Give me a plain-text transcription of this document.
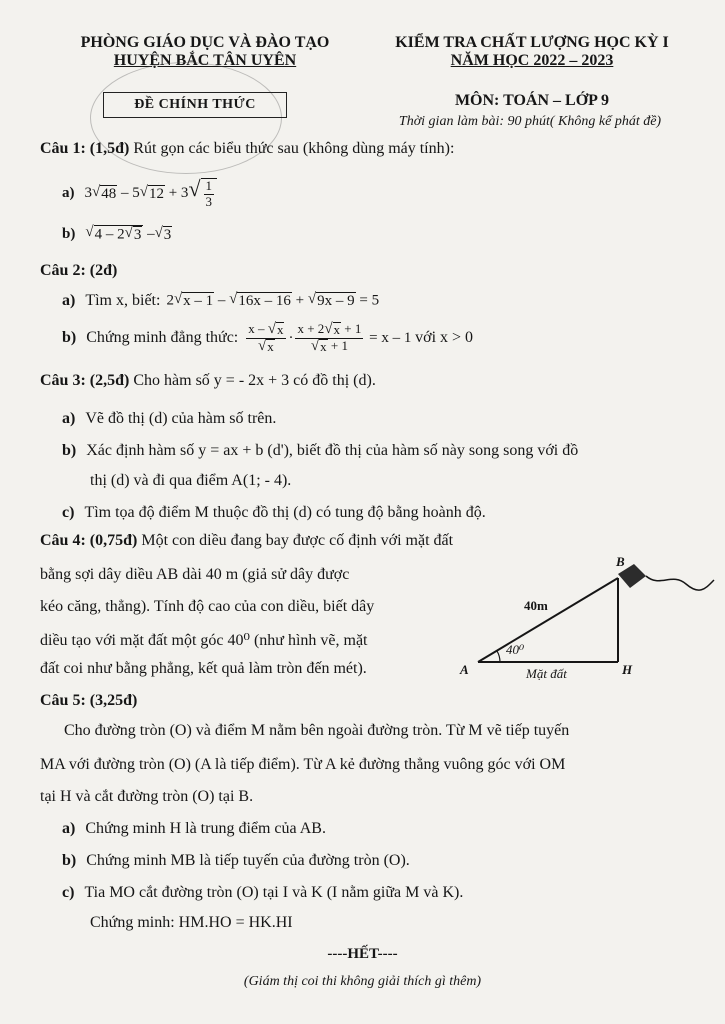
PHÒNG GIÁO DỤC VÀ ĐÀO TẠO
HUYỆN BẮC TÂN UYÊN
ĐỀ CHÍNH THỨC
KIỂM TRA CHẤT LƯỢNG HỌC KỲ I
NĂM HỌC 2022 – 2023
MÔN: TOÁN – LỚP 9
Thời gian làm bài: 90 phút( Không kể phát đề)
Câu 1: (1,5đ) Rút gọn các biểu thức sau (không dùng máy tính):
a) 3 √ 48 – 5 √ 12 + 3 √ $\frac{1}{3}$
b) √ 4 – 2 √ 3 – √ 3
Câu 2: (2đ)
a) Tìm x, biết: 2 √ x – 1 – √ 16x – 16 + √ 9x – 9 = 5
b) Chứng minh đẳng thức: $\frac{x - √ x}{√ x} \cdot \frac{x + 2 √ x + 1}{√ x + 1} = x - 1$ với x > 0
Câu 3: (2,5đ) Cho hàm số y = - 2x + 3 có đồ thị (d).
a) Vẽ đồ thị (d) của hàm số trên.
b) Xác định hàm số y = ax + b (d'), biết đồ thị của hàm số này song song với đồ
thị (d) và đi qua điểm A(1; - 4).
c) Tìm tọa độ điểm M thuộc đồ thị (d) có tung độ bằng hoành độ.
Câu 4: (0,75đ) Một con diều đang bay được cố định với mặt đất
bằng sợi dây diều AB dài 40 m (giả sử dây được
kéo căng, thẳng). Tính độ cao của con diều, biết dây
diều tạo với mặt đất một góc 40⁰ (như hình vẽ, mặt
đất coi như bằng phẳng, kết quả làm tròn đến mét).
B
A	H
40m
40⁰
Mặt đất
Câu 5: (3,25đ)
Cho đường tròn (O) và điểm M nằm bên ngoài đường tròn. Từ M vẽ tiếp tuyến
MA với đường tròn (O) (A là tiếp điểm). Từ A kẻ đường thẳng vuông góc với OM
tại H và cắt đường tròn (O) tại B.
a) Chứng minh H là trung điểm của AB.
b) Chứng minh MB là tiếp tuyến của đường tròn (O).
c) Tia MO cắt đường tròn (O) tại I và K (I nằm giữa M và K).
Chứng minh: HM.HO = HK.HI
----HẾT----
(Giám thị coi thi không giải thích gì thêm)
